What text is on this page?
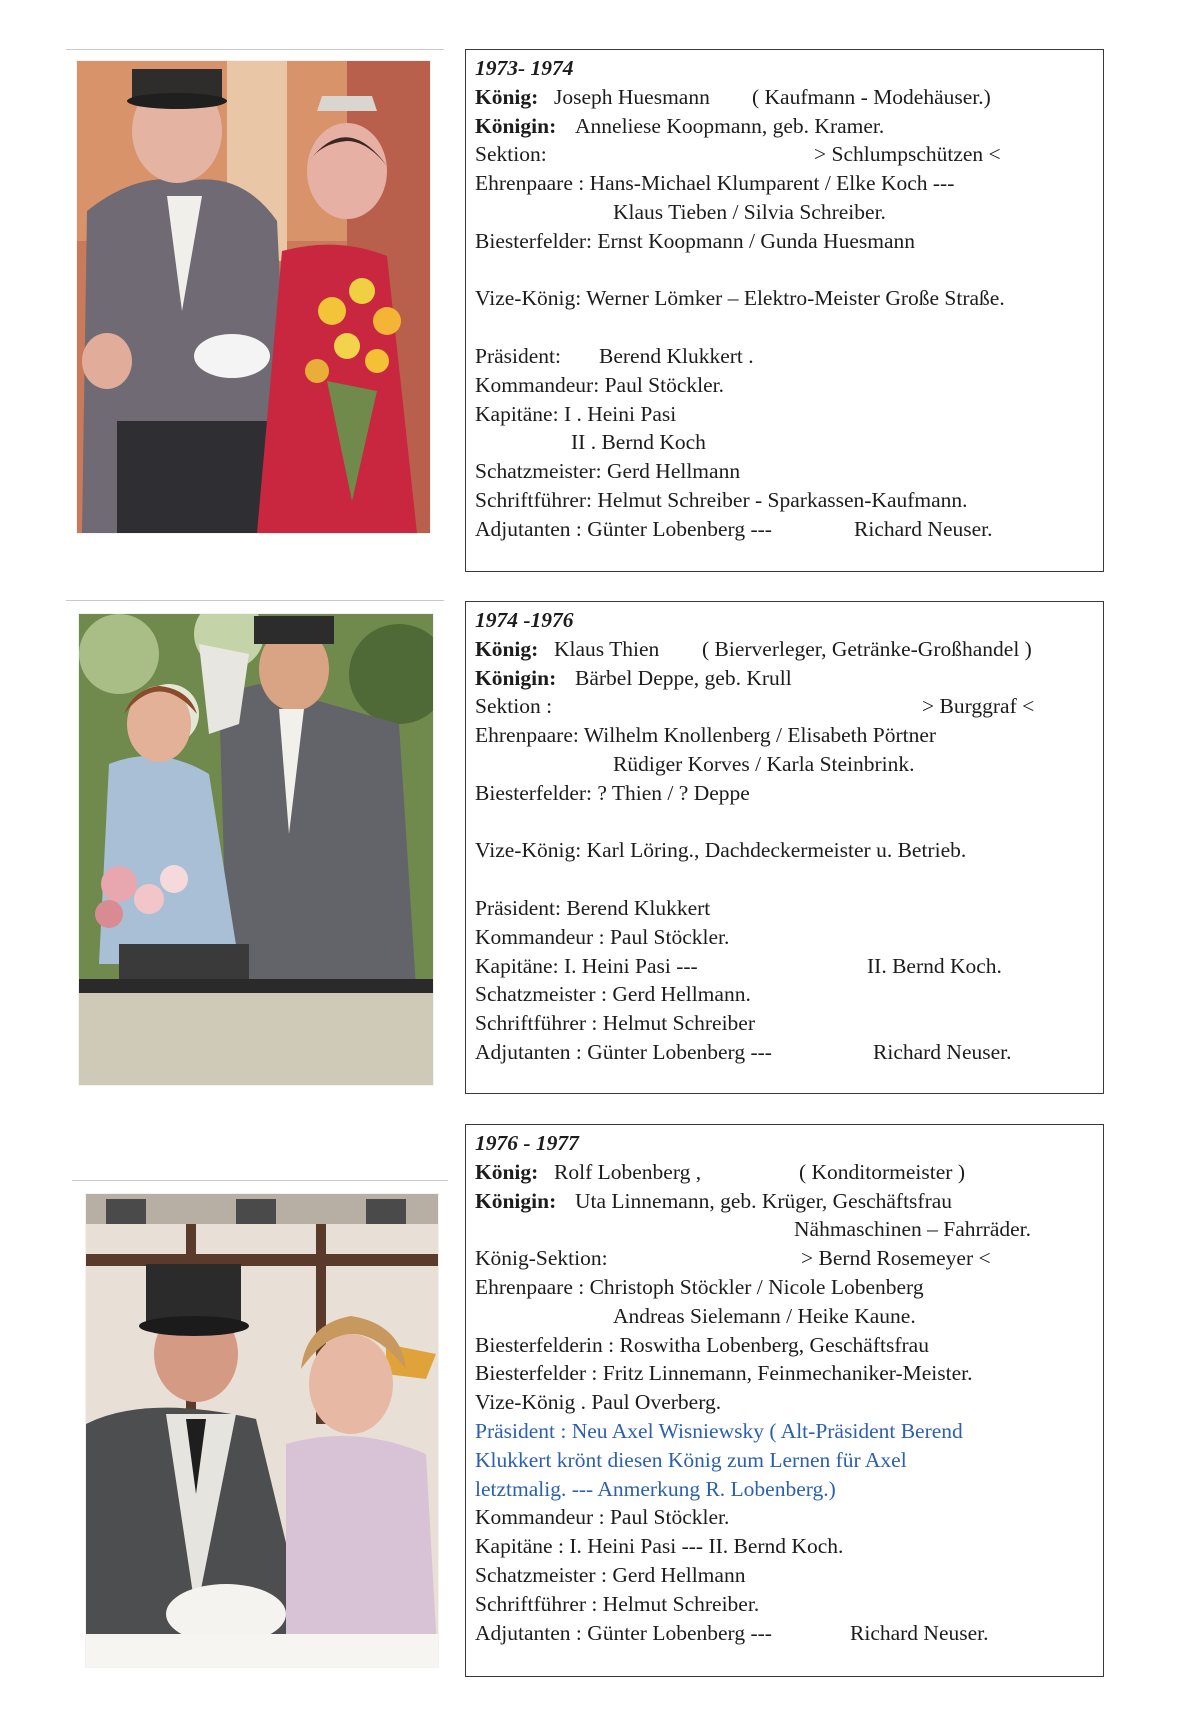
1973- 1974
König: Joseph Huesmann ( Kaufmann - Modehäuser.)
Königin: Anneliese Koopmann, geb. Kramer.
Sektion:	> Schlumpschützen <
Ehrenpaare : Hans-Michael Klumparent / Elke Koch ---
Klaus Tieben / Silvia Schreiber.
Biesterfelder: Ernst Koopmann / Gunda Huesmann
Vize-König: Werner Lömker – Elektro-Meister Große Straße.
Präsident: Berend Klukkert .
Kommandeur: Paul Stöckler.
Kapitäne: I . Heini Pasi
II . Bernd Koch
Schatzmeister: Gerd Hellmann
Schriftführer: Helmut Schreiber - Sparkassen-Kaufmann.
Adjutanten : Günter Lobenberg ---	Richard Neuser.
1974 -1976
König: Klaus Thien ( Bierverleger, Getränke-Großhandel )
Königin: Bärbel Deppe, geb. Krull
Sektion :	> Burggraf <
Ehrenpaare: Wilhelm Knollenberg / Elisabeth Pörtner
Rüdiger Korves / Karla Steinbrink.
Biesterfelder: ? Thien / ? Deppe
Vize-König: Karl Löring., Dachdeckermeister u. Betrieb.
Präsident: Berend Klukkert
Kommandeur : Paul Stöckler.
Kapitäne: I. Heini Pasi ---	II. Bernd Koch.
Schatzmeister : Gerd Hellmann.
Schriftführer : Helmut Schreiber
Adjutanten : Günter Lobenberg ---	Richard Neuser.
1976 - 1977
König: Rolf Lobenberg ,	( Konditormeister )
Königin: Uta Linnemann, geb. Krüger, Geschäftsfrau
Nähmaschinen – Fahrräder.
König-Sektion:	> Bernd Rosemeyer <
Ehrenpaare : Christoph Stöckler / Nicole Lobenberg
Andreas Sielemann / Heike Kaune.
Biesterfelderin : Roswitha Lobenberg, Geschäftsfrau
Biesterfelder : Fritz Linnemann, Feinmechaniker-Meister.
Vize-König . Paul Overberg.
Präsident : Neu Axel Wisniewsky ( Alt-Präsident Berend
Klukkert krönt diesen König zum Lernen für Axel
letztmalig. --- Anmerkung R. Lobenberg.)
Kommandeur : Paul Stöckler.
Kapitäne : I. Heini Pasi --- II. Bernd Koch.
Schatzmeister : Gerd Hellmann
Schriftführer : Helmut Schreiber.
Adjutanten : Günter Lobenberg ---	Richard Neuser.
